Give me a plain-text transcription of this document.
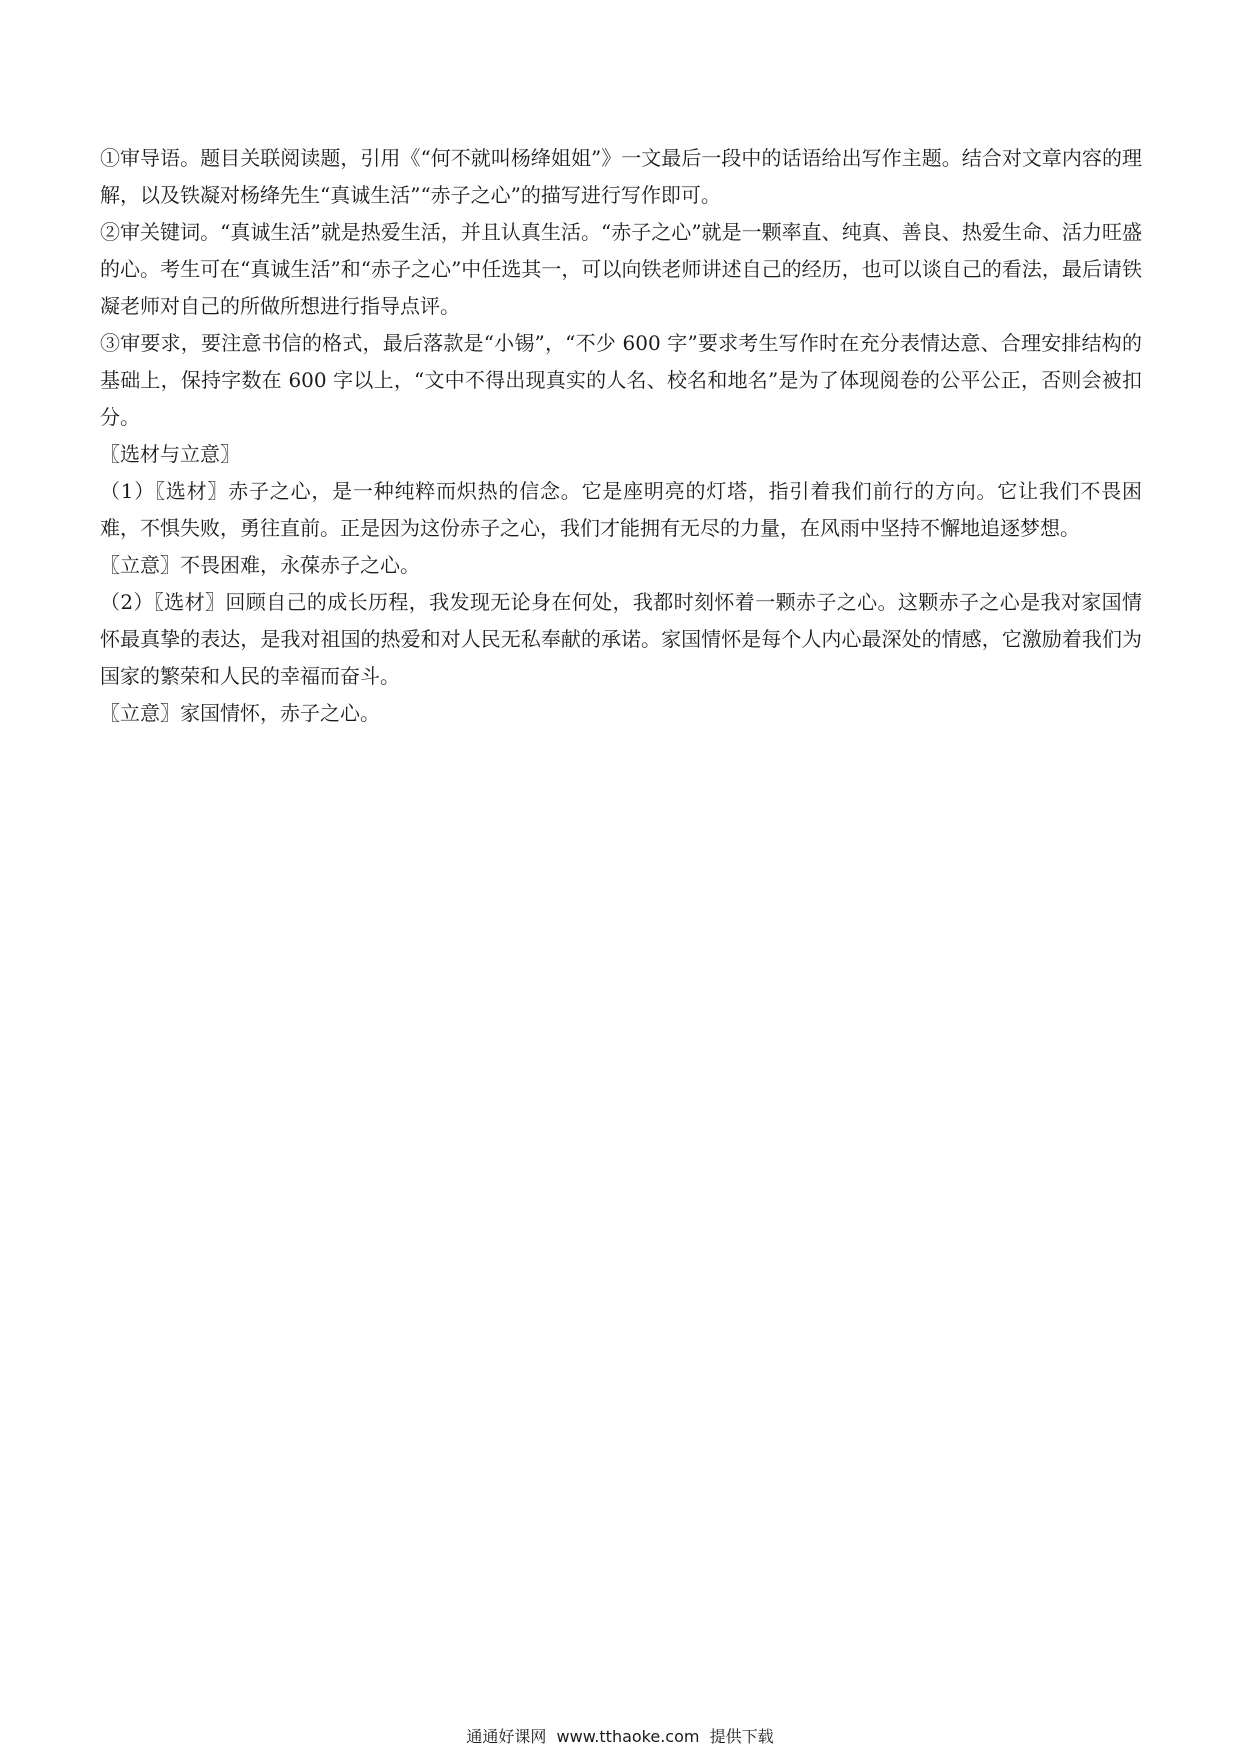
①审导语。题目关联阅读题，引用《“何不就叫杨绛姐姐”》一文最后一段中的话语给出写作主题。结合对文章内容的理解，以及铁凝对杨绛先生“真诚生活”“赤子之心”的描写进行写作即可。

②审关键词。“真诚生活”就是热爱生活，并且认真生活。“赤子之心”就是一颗率直、纯真、善良、热爱生命、活力旺盛的心。考生可在“真诚生活”和“赤子之心”中任选其一，可以向铁老师讲述自己的经历，也可以谈自己的看法，最后请铁凝老师对自己的所做所想进行指导点评。

③审要求，要注意书信的格式，最后落款是“小锡”，“不少 600 字”要求考生写作时在充分表情达意、合理安排结构的基础上，保持字数在 600 字以上，“文中不得出现真实的人名、校名和地名”是为了体现阅卷的公平公正，否则会被扣分。

〖选材与立意〗

（1）〖选材〗赤子之心，是一种纯粹而炽热的信念。它是座明亮的灯塔，指引着我们前行的方向。它让我们不畏困难，不惧失败，勇往直前。正是因为这份赤子之心，我们才能拥有无尽的力量，在风雨中坚持不懈地追逐梦想。

〖立意〗不畏困难，永葆赤子之心。

（2）〖选材〗回顾自己的成长历程，我发现无论身在何处，我都时刻怀着一颗赤子之心。这颗赤子之心是我对家国情怀最真挚的表达，是我对祖国的热爱和对人民无私奉献的承诺。家国情怀是每个人内心最深处的情感，它激励着我们为国家的繁荣和人民的幸福而奋斗。

〖立意〗家国情怀，赤子之心。

通通好课网  www.tthaoke.com  提供下载
